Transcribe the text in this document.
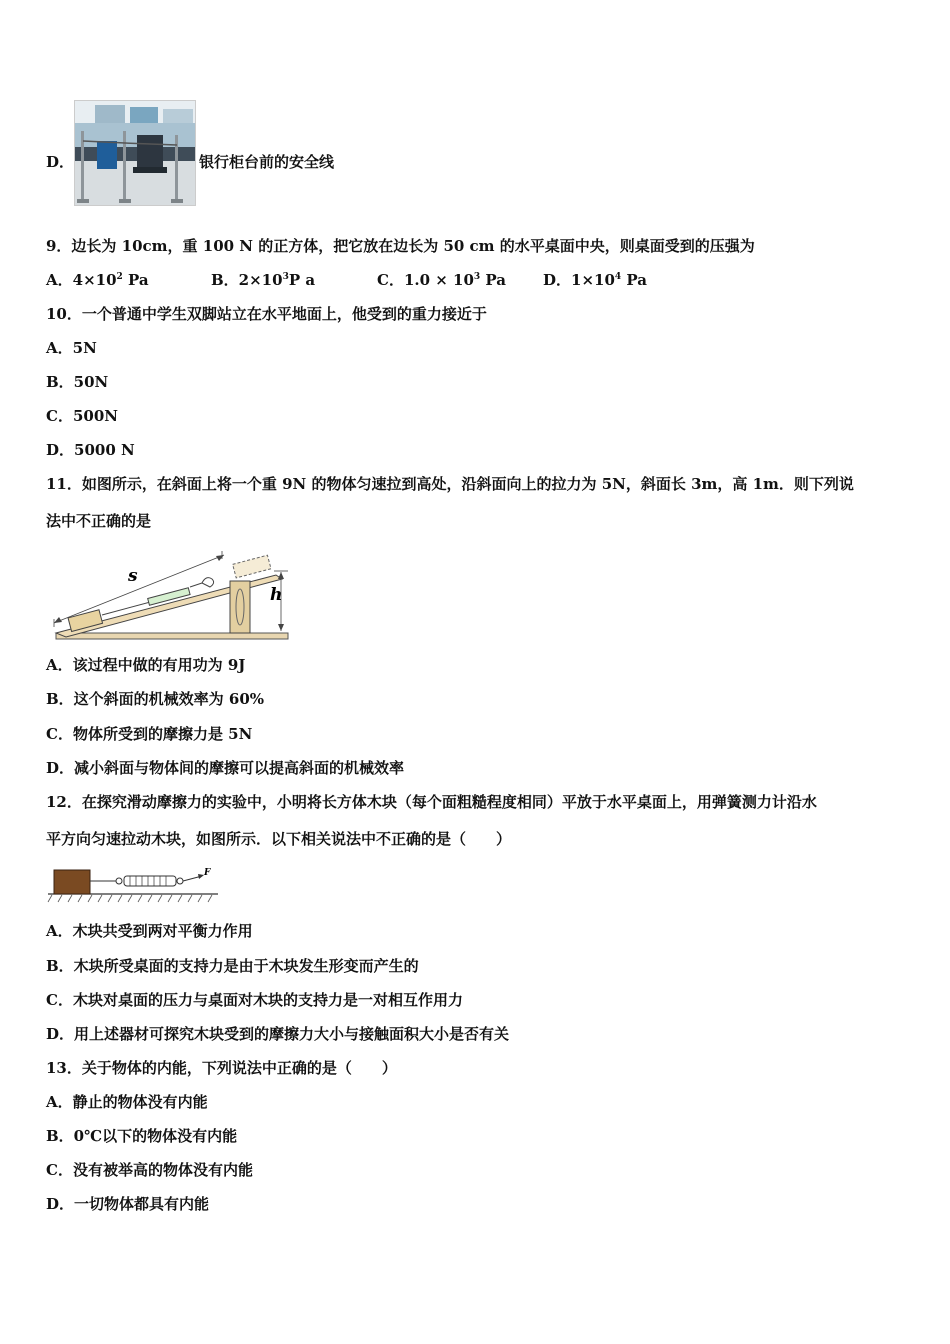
D．	银行柜台前的安全线
9．边长为 10cm，重 100 N 的正方体，把它放在边长为 50 cm 的水平桌面中央，则桌面受到的压强为
A．$4\times 10^2$ Pa	B．$2\times 10^3P$ a	C．$1.0 \times 10^3$ Pa D．$1\times 10^4$ Pa
10．一个普通中学生双脚站立在水平地面上，他受到的重力接近于
A．5N
B．50N
C．500N
D．5000 N
11．如图所示，在斜面上将一个重 9N 的物体匀速拉到高处，沿斜面向上的拉力为 5N，斜面长 3m，高 1m．则下列说
法中不正确的是
s
h
A．该过程中做的有用功为 9J
B．这个斜面的机械效率为 60%
C．物体所受到的摩擦力是 5N
D．减小斜面与物体间的摩擦可以提高斜面的机械效率
12．在探究滑动摩擦力的实验中，小明将长方体木块（每个面粗糙程度相同）平放于水平桌面上，用弹簧测力计沿水
平方向匀速拉动木块，如图所示．以下相关说法中不正确的是（　　）
F
A．木块共受到两对平衡力作用
B．木块所受桌面的支持力是由于木块发生形变而产生的
C．木块对桌面的压力与桌面对木块的支持力是一对相互作用力
D．用上述器材可探究木块受到的摩擦力大小与接触面积大小是否有关
13．关于物体的内能，下列说法中正确的是（　　）
A．静止的物体没有内能
B．0℃以下的物体没有内能
C．没有被举高的物体没有内能
D．一切物体都具有内能
